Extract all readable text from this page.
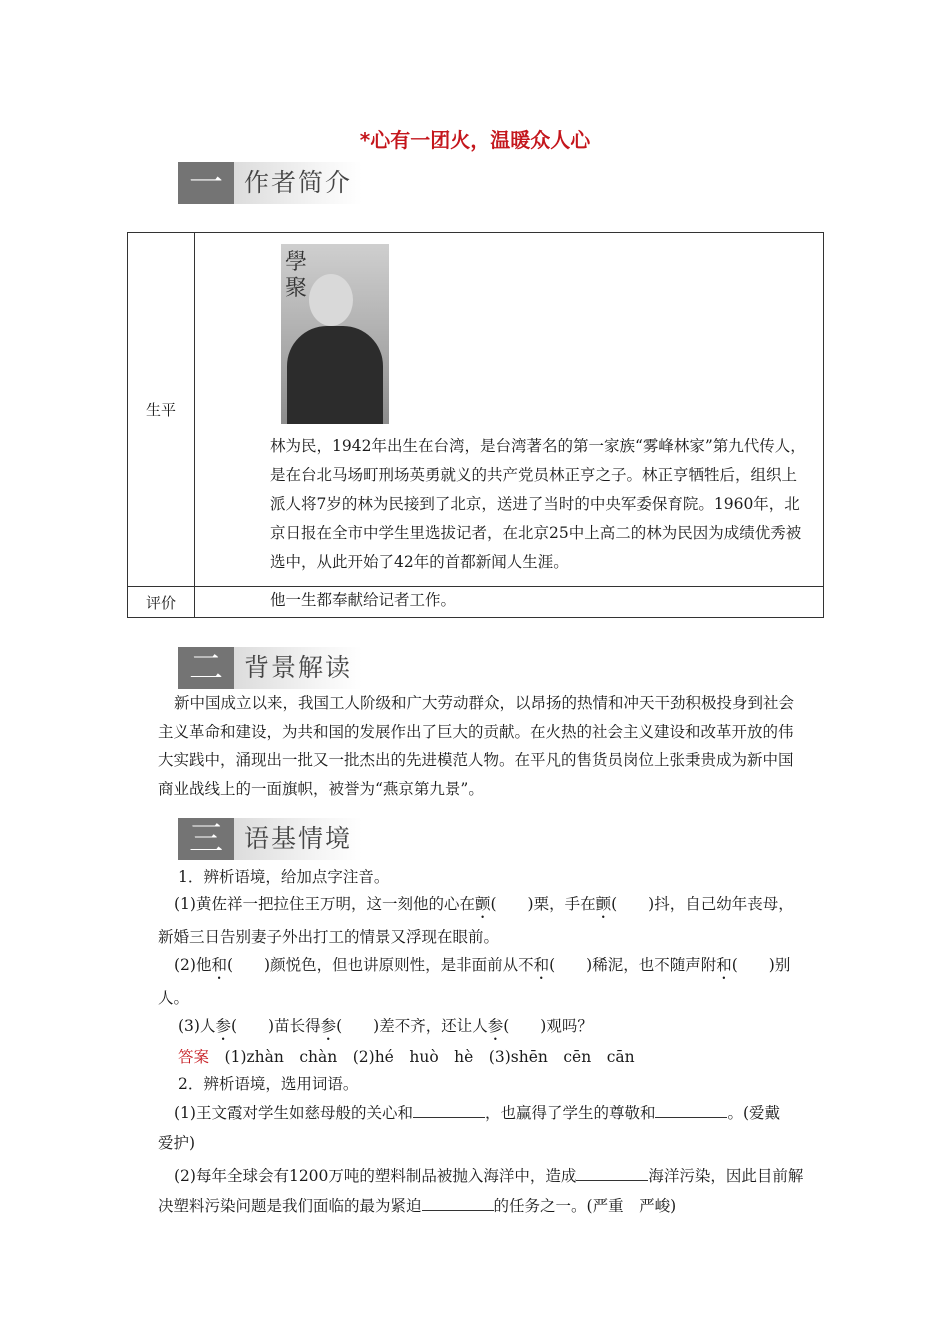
*心有一团火，温暖众人心
一 作者简介
生平	學
聚
林为民，1942年出生在台湾，是台湾著名的第一家族“雾峰林家”第九代传人，是在台北马场町刑场英勇就义的共产党员林正亨之子。林正亨牺牲后，组织上派人将7岁的林为民接到了北京，送进了当时的中央军委保育院。1960年，北京日报在全市中学生里选拔记者，在北京25中上高二的林为民因为成绩优秀被选中，从此开始了42年的首都新闻人生涯。

评价	他一生都奉献给记者工作。
二 背景解读
新中国成立以来，我国工人阶级和广大劳动群众，以昂扬的热情和冲天干劲积极投身到社会主义革命和建设，为共和国的发展作出了巨大的贡献。在火热的社会主义建设和改革开放的伟大实践中，涌现出一批又一批杰出的先进模范人物。在平凡的售货员岗位上张秉贵成为新中国商业战线上的一面旗帜，被誉为“燕京第九景”。
三 语基情境
1．辨析语境，给加点字注音。
(1)黄佐祥一把拉住王万明，这一刻他的心在颤(　　)栗，手在颤(　　)抖，自己幼年丧母，新婚三日告别妻子外出打工的情景又浮现在眼前。
(2)他和(　　)颜悦色，但也讲原则性，是非面前从不和(　　)稀泥，也不随声附和(　　)别人。
(3)人参(　　)苗长得参(　　)差不齐，还让人参(　　)观吗？
答案　 (1)zhàn　chàn　(2)hé　huò　hè　(3)shēn　cēn　cān
2．辨析语境，选用词语。
(1)王文霞对学生如慈母般的关心和	，也赢得了学生的尊敬和	。(爱戴　爱护)
(2)每年全球会有1200万吨的塑料制品被抛入海洋中，造成	海洋污染，因此目前解决塑料污染问题是我们面临的最为紧迫	的任务之一。(严重　严峻)
